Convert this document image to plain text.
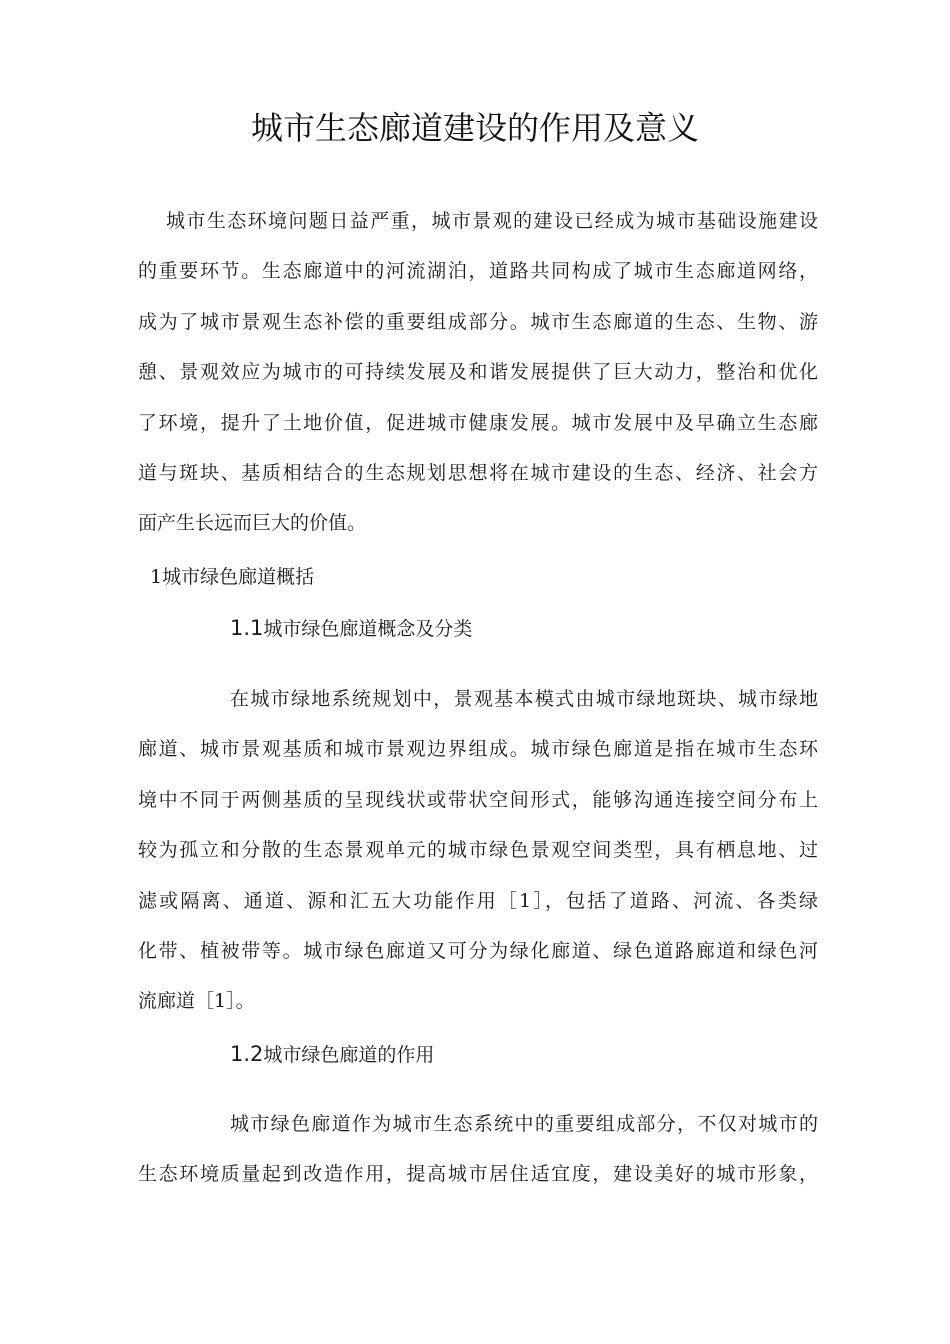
城市生态廊道建设的作用及意义

城市生态环境问题日益严重，城市景观的建设已经成为城市基础设施建设
的重要环节。生态廊道中的河流湖泊，道路共同构成了城市生态廊道网络，
成为了城市景观生态补偿的重要组成部分。城市生态廊道的生态、生物、游
憩、景观效应为城市的可持续发展及和谐发展提供了巨大动力，整治和优化
了环境，提升了土地价值，促进城市健康发展。城市发展中及早确立生态廊
道与斑块、基质相结合的生态规划思想将在城市建设的生态、经济、社会方
面产生长远而巨大的价值。

1城市绿色廊道概括
1.1城市绿色廊道概念及分类

在城市绿地系统规划中，景观基本模式由城市绿地斑块、城市绿地
廊道、城市景观基质和城市景观边界组成。城市绿色廊道是指在城市生态环
境中不同于两侧基质的呈现线状或带状空间形式，能够沟通连接空间分布上
较为孤立和分散的生态景观单元的城市绿色景观空间类型，具有栖息地、过
滤或隔离、通道、源和汇五大功能作用［1］，包括了道路、河流、各类绿
化带、植被带等。城市绿色廊道又可分为绿化廊道、绿色道路廊道和绿色河
流廊道［1］。

1.2城市绿色廊道的作用

城市绿色廊道作为城市生态系统中的重要组成部分，不仅对城市的
生态环境质量起到改造作用，提高城市居住适宜度，建设美好的城市形象，
